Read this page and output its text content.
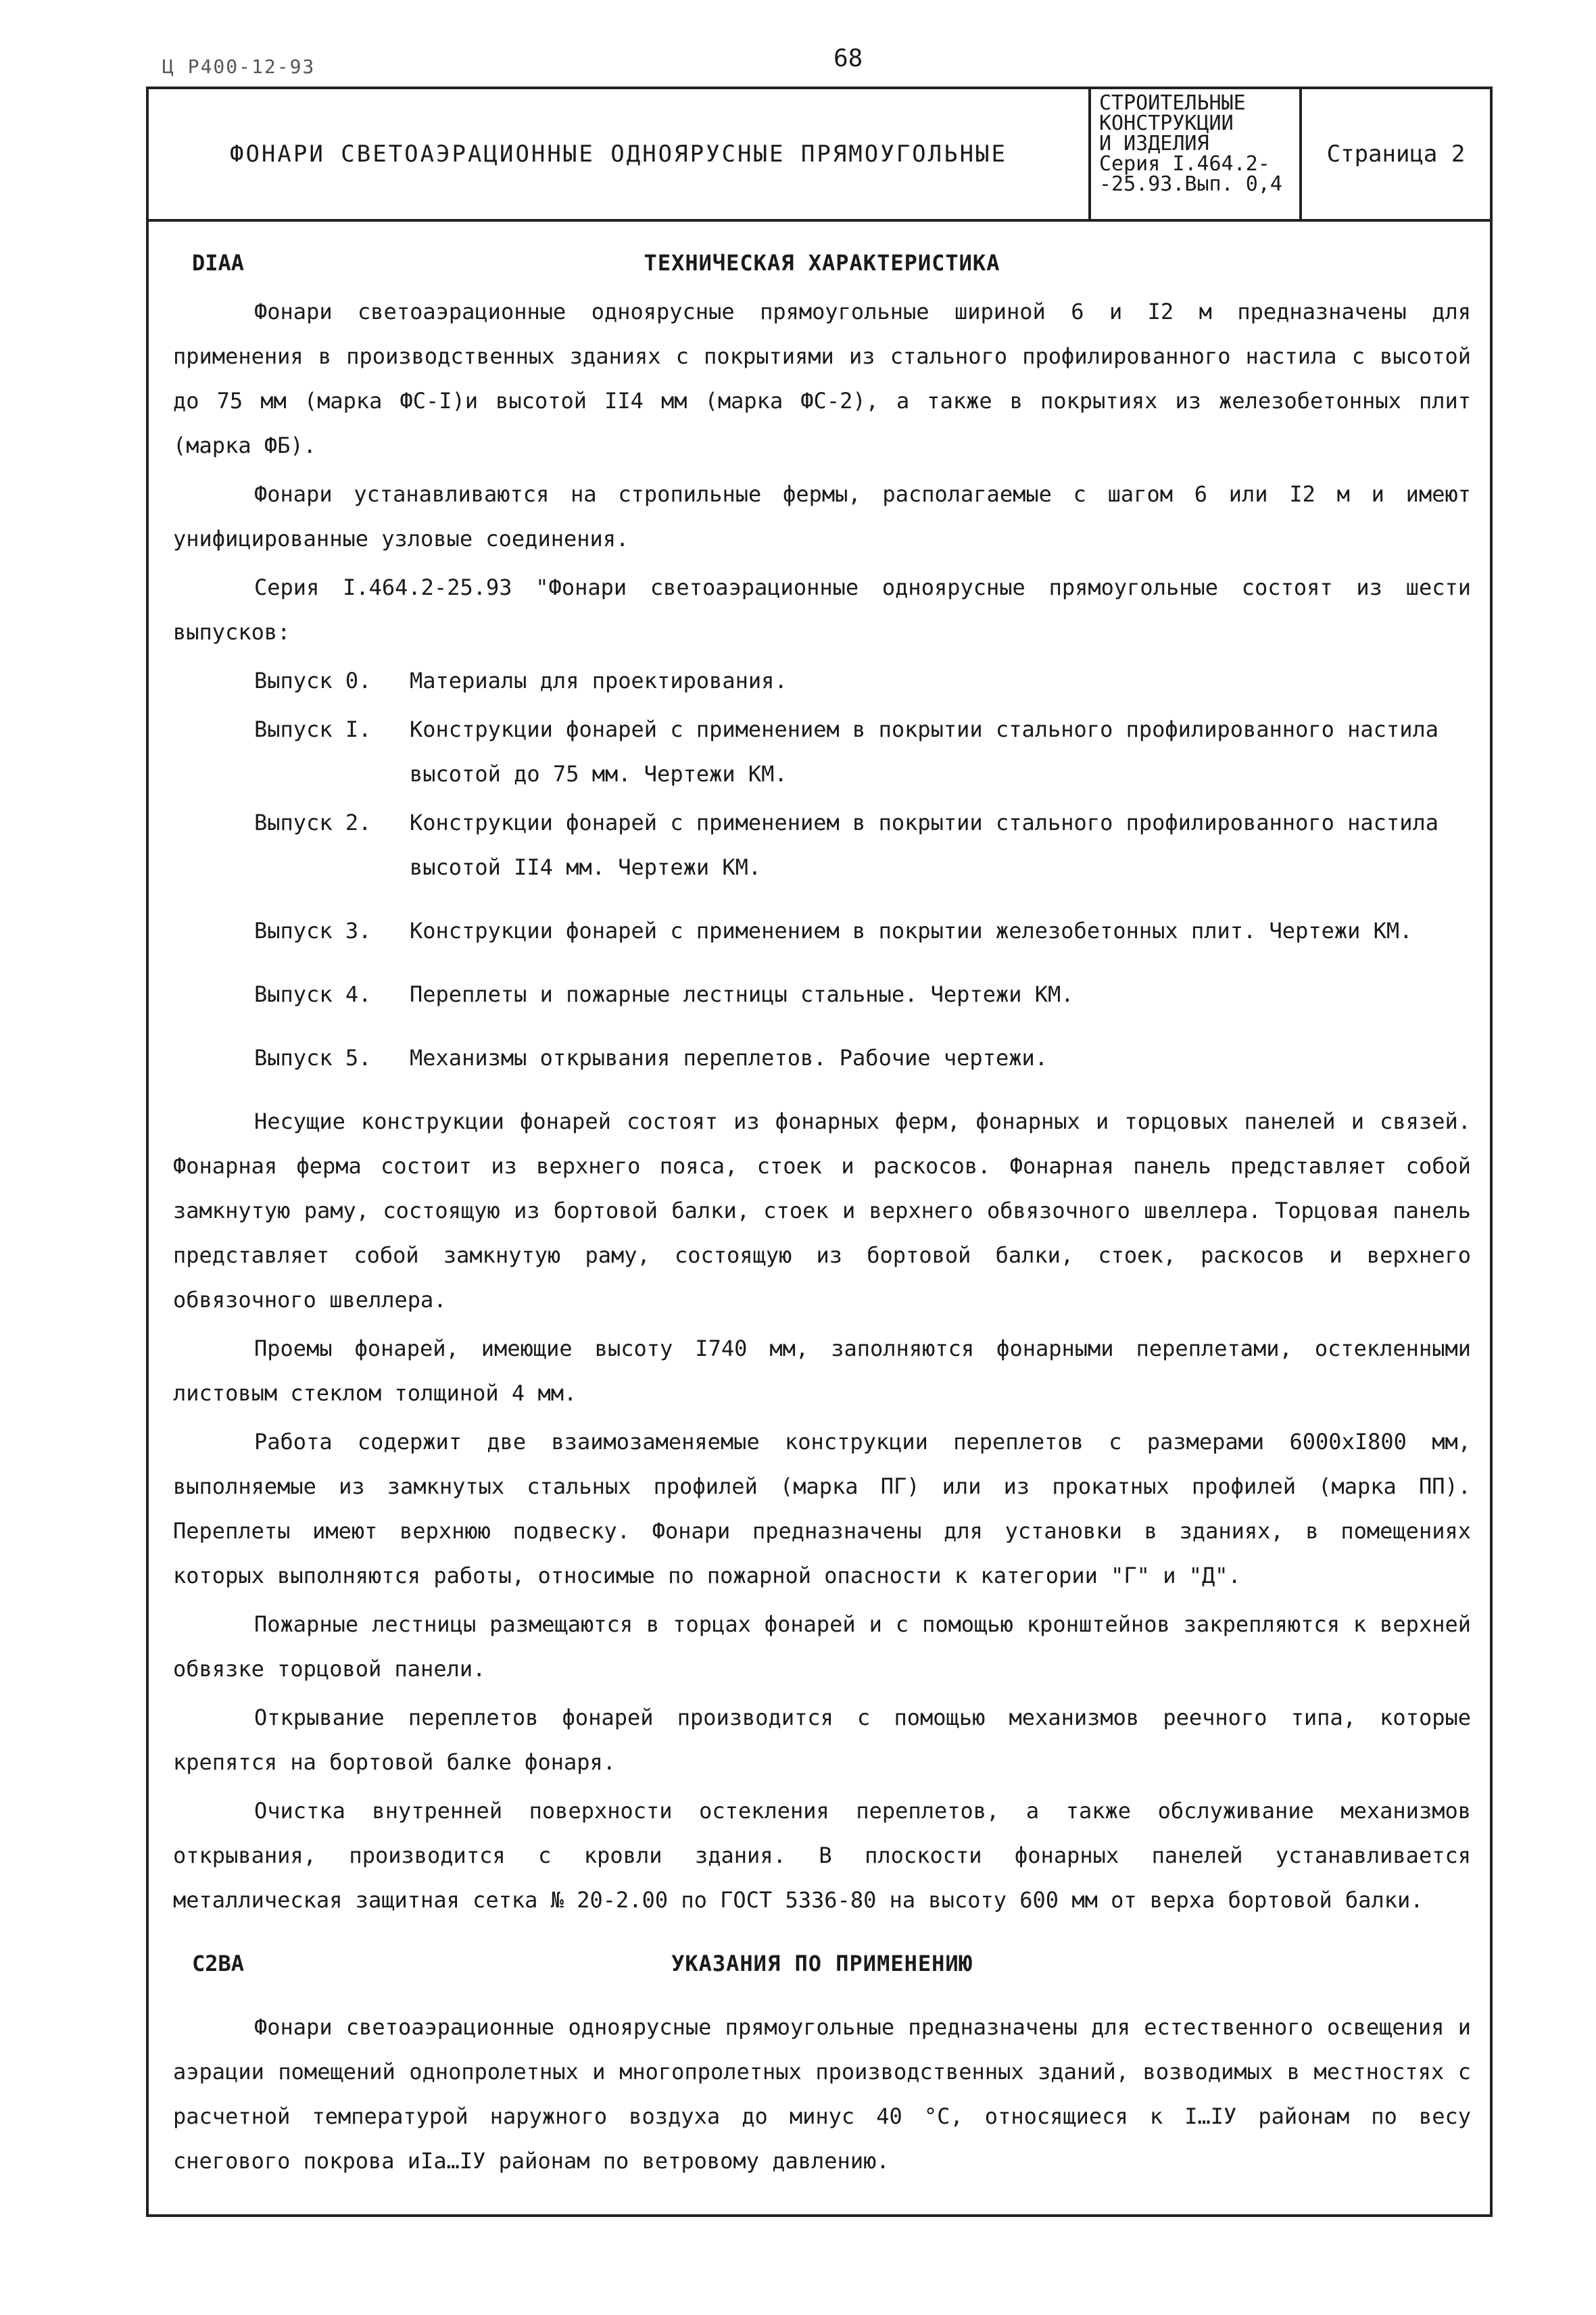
Ц Р400-12-93	68
ФОНАРИ СВЕТОАЭРАЦИОННЫЕ ОДНОЯРУСНЫЕ ПРЯМОУГОЛЬНЫЕ
СТРОИТЕЛЬНЫЕ
КОНСТРУКЦИИ
И ИЗДЕЛИЯ
Серия I.464.2-
-25.93.Вып. 0,4
Страница 2
DIAA	ТЕХНИЧЕСКАЯ ХАРАКТЕРИСТИКА

Фонари светоаэрационные одноярусные прямоугольные шириной 6 и I2 м предназначены для применения в производственных зданиях с покрытиями из стального профилированного настила с высотой до 75 мм (марка ФС-I)и высотой II4 мм (марка ФС-2), а также в покрытиях из железобетонных плит (марка ФБ).

Фонари устанавливаются на стропильные фермы, располагаемые с шагом 6 или I2 м и имеют унифицированные узловые соединения.

Серия I.464.2-25.93 "Фонари светоаэрационные одноярусные прямоугольные состоят из шести выпусков:

Выпуск 0.	Материалы для проектирования.
Выпуск I.	Конструкции фонарей с применением в покрытии стального профилированного настила высотой до 75 мм. Чертежи КМ.
Выпуск 2.	Конструкции фонарей с применением в покрытии стального профилированного настила высотой II4 мм. Чертежи КМ.
Выпуск 3.	Конструкции фонарей с применением в покрытии железобетонных плит. Чертежи КМ.
Выпуск 4.	Переплеты и пожарные лестницы стальные. Чертежи КМ.
Выпуск 5.	Механизмы открывания переплетов. Рабочие чертежи.

Несущие конструкции фонарей состоят из фонарных ферм, фонарных и торцовых панелей и связей. Фонарная ферма состоит из верхнего пояса, стоек и раскосов. Фонарная панель представляет собой замкнутую раму, состоящую из бортовой балки, стоек и верхнего обвязочного швеллера. Торцовая панель представляет собой замкнутую раму, состоящую из бортовой балки, стоек, раскосов и верхнего обвязочного швеллера.

Проемы фонарей, имеющие высоту I740 мм, заполняются фонарными переплетами, остекленными листовым стеклом толщиной 4 мм.

Работа содержит две взаимозаменяемые конструкции переплетов с размерами 6000хI800 мм, выполняемые из замкнутых стальных профилей (марка ПГ) или из прокатных профилей (марка ПП). Переплеты имеют верхнюю подвеску. Фонари предназначены для установки в зданиях, в помещениях которых выполняются работы, относимые по пожарной опасности к категории "Г" и "Д".

Пожарные лестницы размещаются в торцах фонарей и с помощью кронштейнов закрепляются к верхней обвязке торцовой панели.

Открывание переплетов фонарей производится с помощью механизмов реечного типа, которые крепятся на бортовой балке фонаря.

Очистка внутренней поверхности остекления переплетов, а также обслуживание механизмов открывания, производится с кровли здания. В плоскости фонарных панелей устанавливается металлическая защитная сетка № 20-2.00 по ГОСТ 5336-80 на высоту 600 мм от верха бортовой балки.

C2BA	УКАЗАНИЯ ПО ПРИМЕНЕНИЮ

Фонари светоаэрационные одноярусные прямоугольные предназначены для естественного освещения и аэрации помещений однопролетных и многопролетных производственных зданий, возводимых в местностях с расчетной температурой наружного воздуха до минус 40 °С, относящиеся к I…IУ районам по весу снегового покрова иIа…IУ районам по ветровому давлению.
